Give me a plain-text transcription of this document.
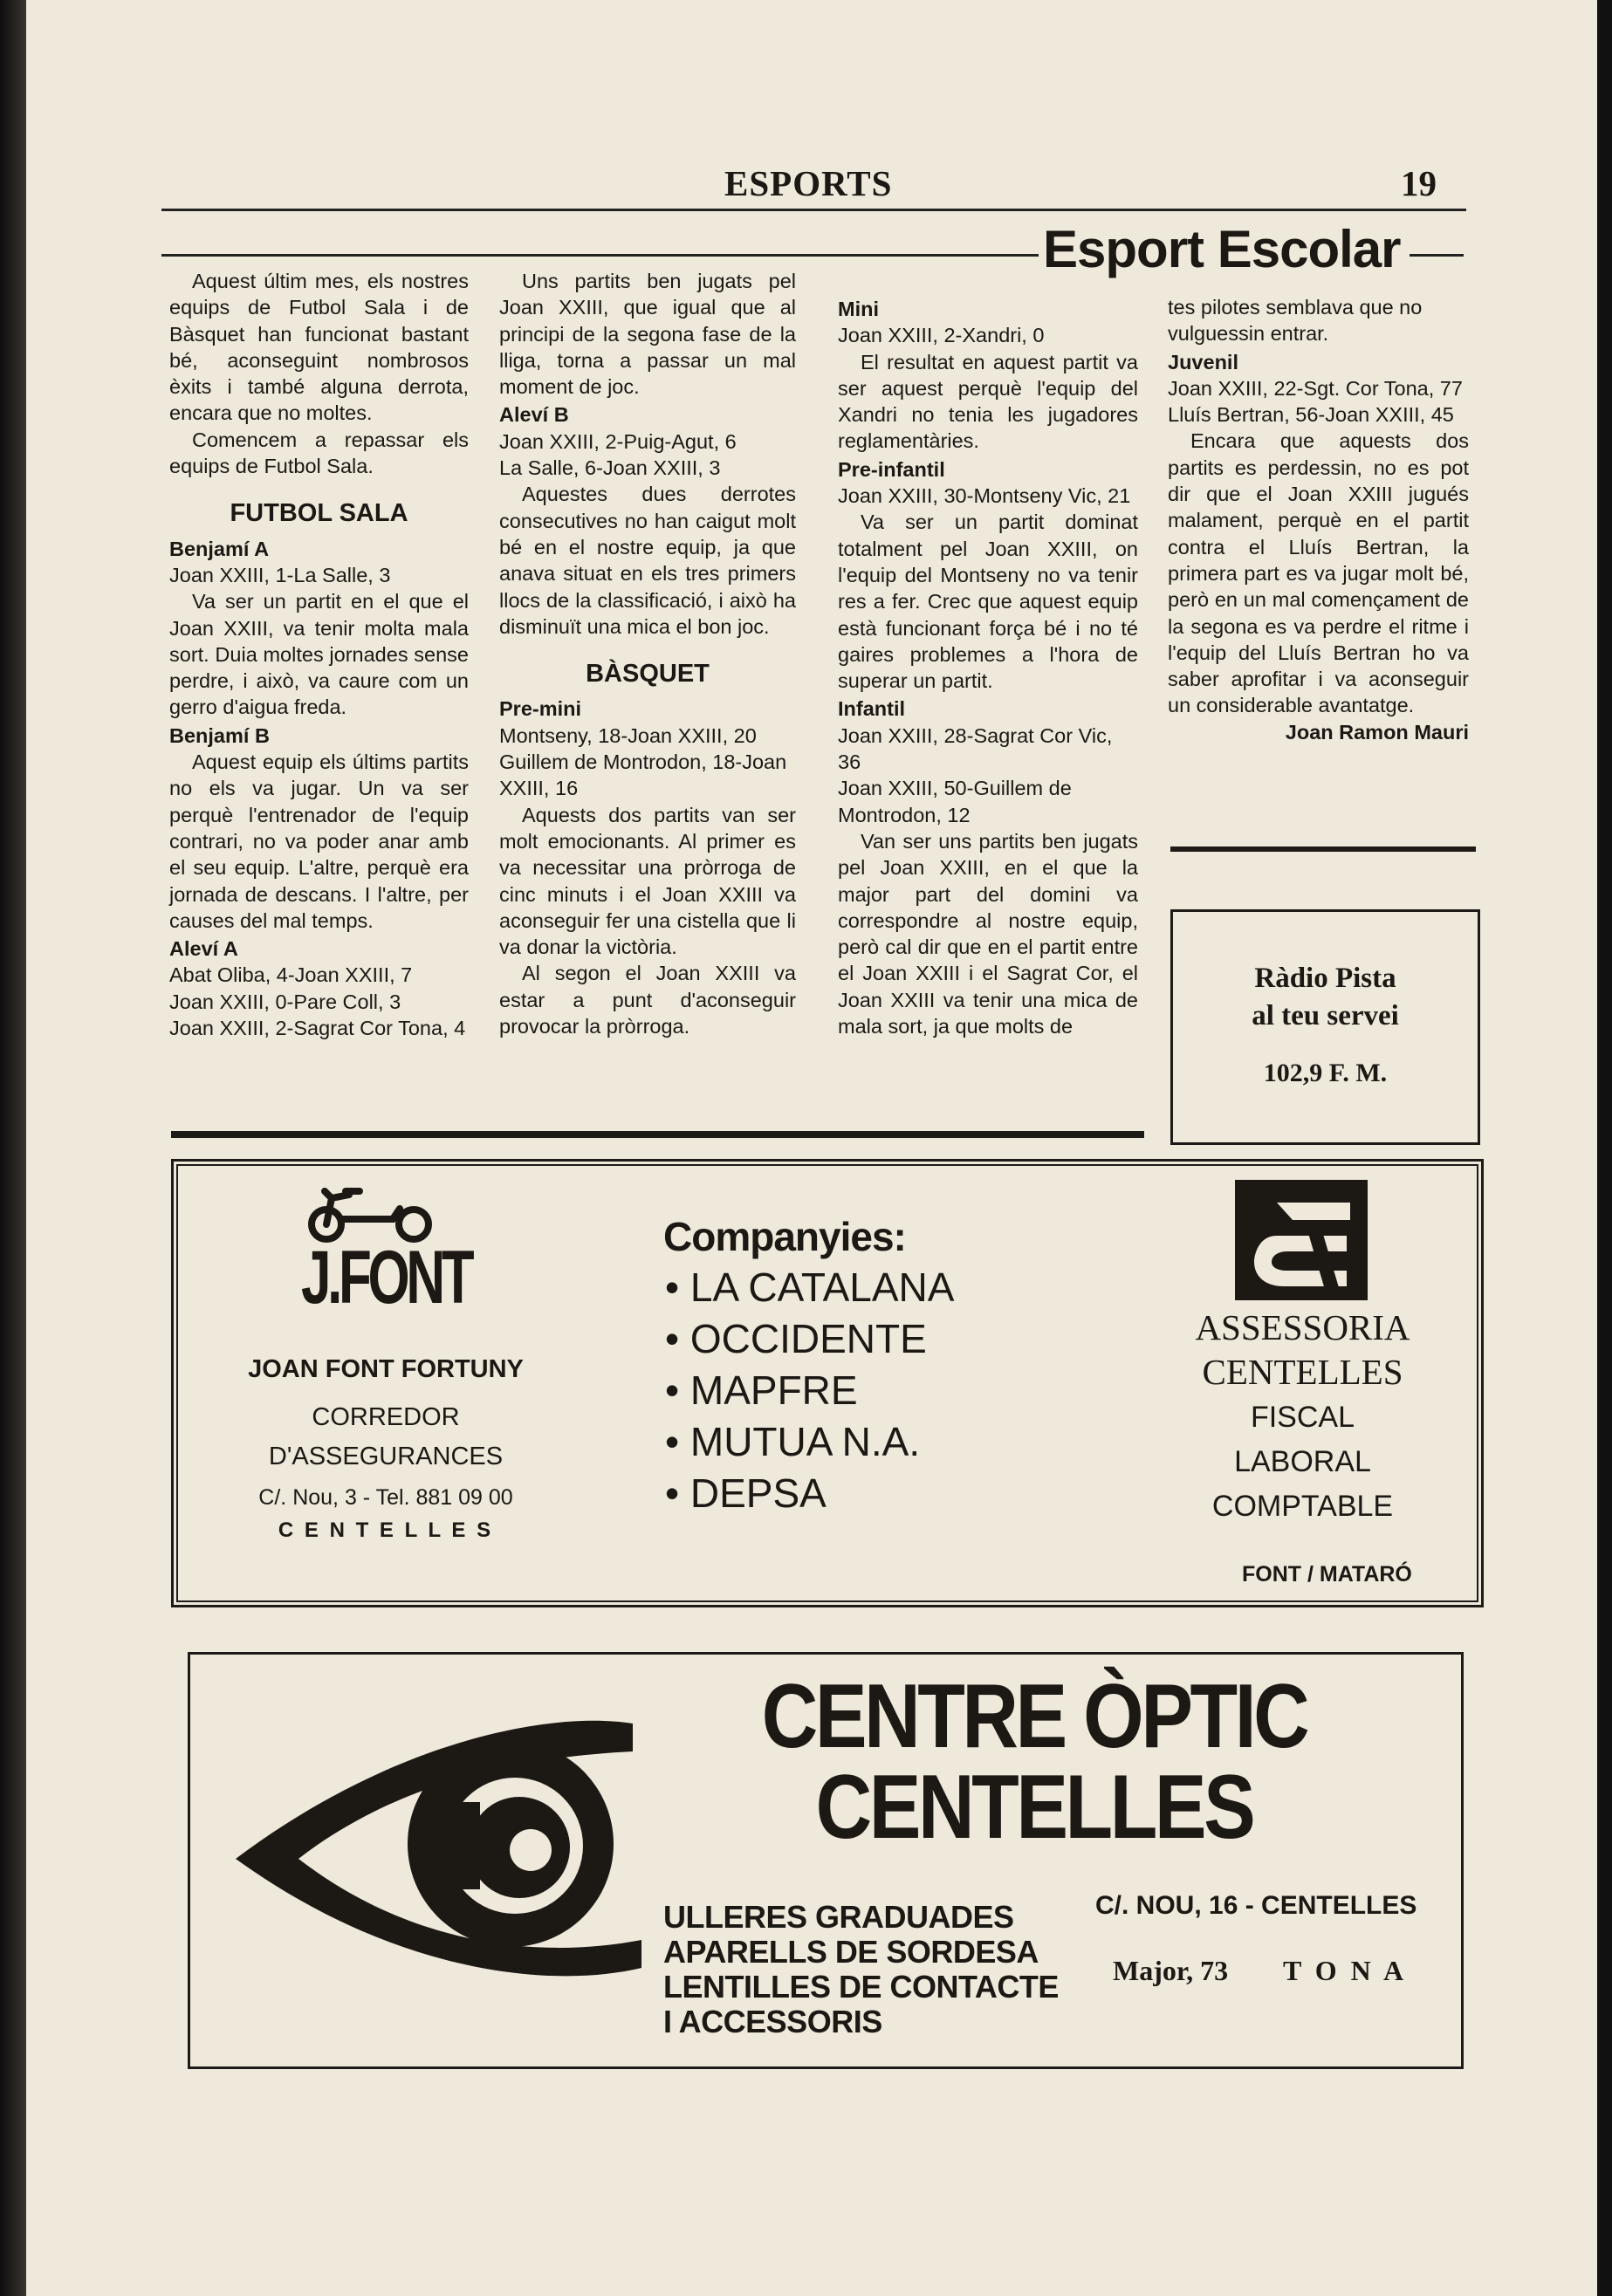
ESPORTS	19
Esport Escolar

Aquest últim mes, els nostres equips de Futbol Sala i de Bàsquet han funcionat bastant bé, aconseguint nombrosos èxits i també alguna derrota, encara que no moltes.

Comencem a repassar els equips de Futbol Sala.

FUTBOL SALA

Benjamí A

Joan XXIII, 1-La Salle, 3

Va ser un partit en el que el Joan XXIII, va tenir molta mala sort. Duia moltes jornades sense perdre, i això, va caure com un gerro d'aigua freda.

Benjamí B

Aquest equip els últims partits no els va jugar. Un va ser perquè l'entrenador de l'equip contrari, no va poder anar amb el seu equip. L'altre, perquè era jornada de descans. I l'altre, per causes del mal temps.

Aleví A

Abat Oliba, 4-Joan XXIII, 7

Joan XXIII, 0-Pare Coll, 3

Joan XXIII, 2-Sagrat Cor Tona, 4

Uns partits ben jugats pel Joan XXIII, que igual que al principi de la segona fase de la lliga, torna a passar un mal moment de joc.

Aleví B

Joan XXIII, 2-Puig-Agut, 6

La Salle, 6-Joan XXIII, 3

Aquestes dues derrotes consecutives no han caigut molt bé en el nostre equip, ja que anava situat en els tres primers llocs de la classificació, i això ha disminuït una mica el bon joc.

BÀSQUET

Pre-mini

Montseny, 18-Joan XXIII, 20

Guillem de Montrodon, 18-Joan XXIII, 16

Aquests dos partits van ser molt emocionants. Al primer es va necessitar una pròrroga de cinc minuts i el Joan XXIII va aconseguir fer una cistella que li va donar la victòria.

Al segon el Joan XXIII va estar a punt d'aconseguir provocar la pròrroga.

Mini

Joan XXIII, 2-Xandri, 0

El resultat en aquest partit va ser aquest perquè l'equip del Xandri no tenia les jugadores reglamentàries.

Pre-infantil

Joan XXIII, 30-Montseny Vic, 21

Va ser un partit dominat totalment pel Joan XXIII, on l'equip del Montseny no va tenir res a fer. Crec que aquest equip està funcionant força bé i no té gaires problemes a l'hora de superar un partit.

Infantil

Joan XXIII, 28-Sagrat Cor Vic, 36

Joan XXIII, 50-Guillem de Montrodon, 12

Van ser uns partits ben jugats pel Joan XXIII, en el que la major part del domini va correspondre al nostre equip, però cal dir que en el partit entre el Joan XXIII i el Sagrat Cor, el Joan XXIII va tenir una mica de mala sort, ja que molts de

tes pilotes semblava que no vulguessin entrar.

Juvenil

Joan XXIII, 22-Sgt. Cor Tona, 77

Lluís Bertran, 56-Joan XXIII, 45

Encara que aquests dos partits es perdessin, no es pot dir que el Joan XXIII jugués malament, perquè en el partit contra el Lluís Bertran, la primera part es va jugar molt bé, però en un mal començament de la segona es va perdre el ritme i l'equip del Lluís Bertran ho va saber aprofitar i va aconseguir un considerable avantatge.

Joan Ramon Mauri

Ràdio Pista
al teu servei
102,9 F. M.
J.FONT
JOAN FONT FORTUNY
CORREDOR
D'ASSEGURANCES
C/. Nou, 3 - Tel. 881 09 00
C E N T E L L E S
Companyies:
• LA CATALANA
• OCCIDENTE
• MAPFRE
• MUTUA N.A.
• DEPSA
ASSESSORIA
CENTELLES
FISCAL
LABORAL
COMPTABLE
FONT / MATARÓ
CENTRE ÒPTIC
CENTELLES
ULLERES GRADUADES
APARELLS DE SORDESA
LENTILLES DE CONTACTE
I ACCESSORIS
C/. NOU, 16 - CENTELLES
Major, 73 T O N A
